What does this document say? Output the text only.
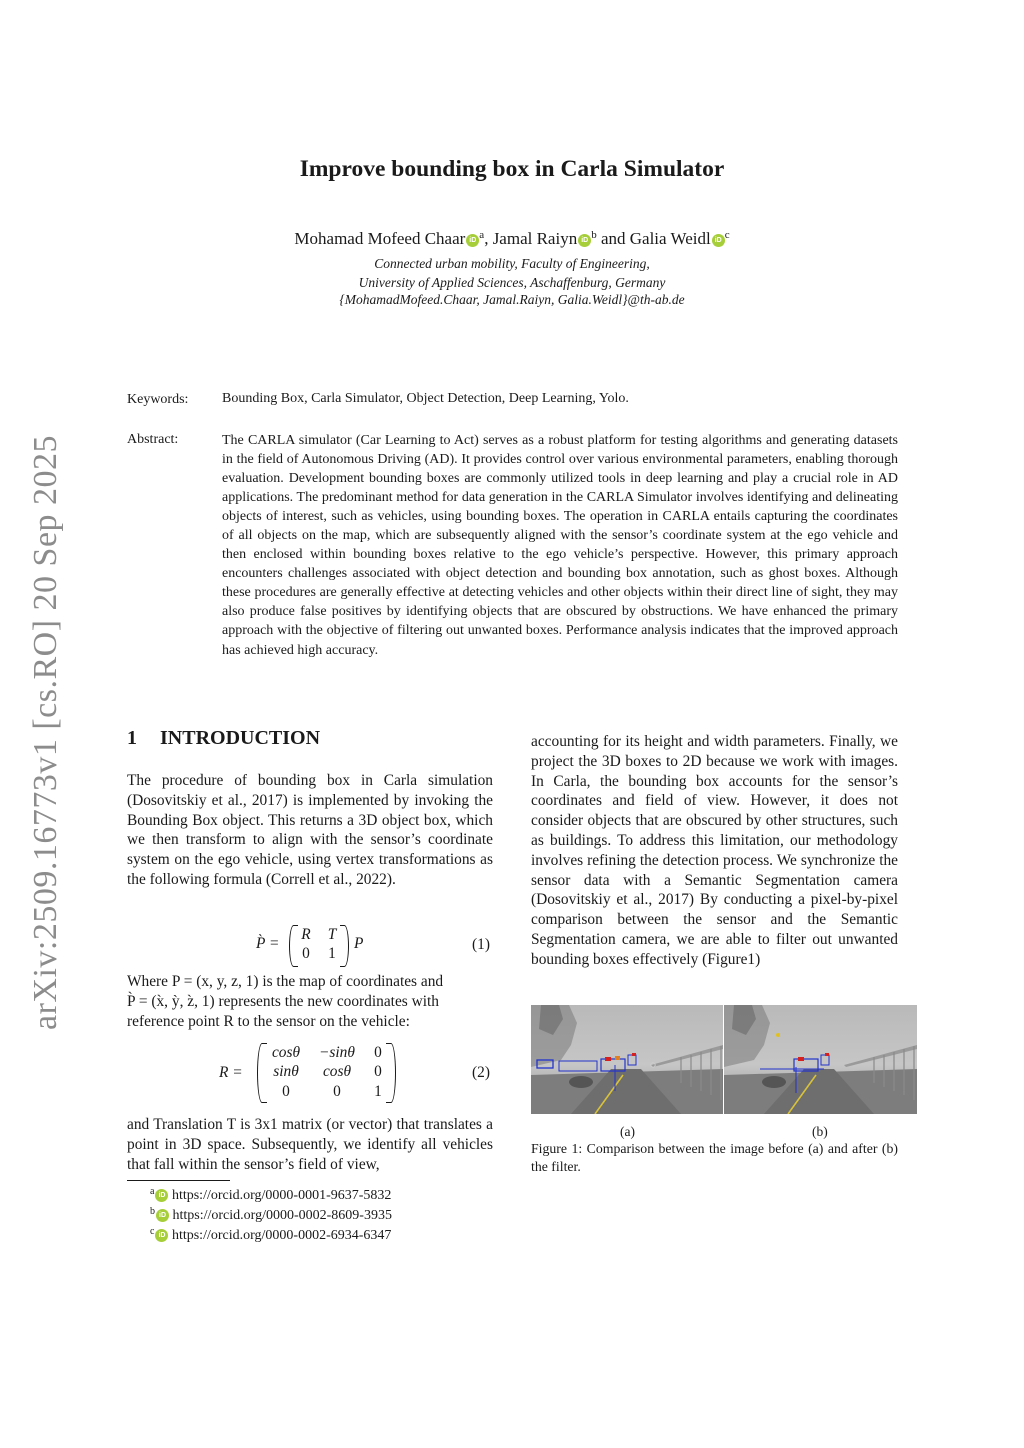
arXiv:2509.16773v1 [cs.RO] 20 Sep 2025
Improve bounding box in Carla Simulator
Mohamad Mofeed Chaar iD $^a$, Jamal Raiyn iD $^b$ and Galia Weidl iD $^c$
Connected urban mobility, Faculty of Engineering,
University of Applied Sciences, Aschaffenburg, Germany
{MohamadMofeed.Chaar, Jamal.Raiyn, Galia.Weidl}@th-ab.de
Keywords: Bounding Box, Carla Simulator, Object Detection, Deep Learning, Yolo.
Abstract:	The CARLA simulator (Car Learning to Act) serves as a robust platform for testing algorithms and generating datasets in the field of Autonomous Driving (AD). It provides control over various environmental parameters, enabling thorough evaluation. Development bounding boxes are commonly utilized tools in deep learning and play a crucial role in AD applications. The predominant method for data generation in the CARLA Simulator involves identifying and delineating objects of interest, such as vehicles, using bounding boxes. The operation in CARLA entails capturing the coordinates of all objects on the map, which are subsequently aligned with the sensor’s coordinate system at the ego vehicle and then enclosed within bounding boxes relative to the ego vehicle’s perspective. However, this primary approach encounters challenges associated with object detection and bounding box annotation, such as ghost boxes. Although these procedures are generally effective at detecting vehicles and other objects within their direct line of sight, they may also produce false positives by identifying objects that are obscured by obstructions. We have enhanced the primary approach with the objective of filtering out unwanted boxes. Performance analysis indicates that the improved approach has achieved high accuracy.
1 INTRODUCTION
The procedure of bounding box in Carla simulation (Dosovitskiy et al., 2017) is implemented by invoking the Bounding Box object. This returns a 3D object box, which we then transform to align with the sensor’s coordinate system on the ego vehicle, using vertex transformations as the following formula (Correll et al., 2022).
P̀ =
R T
0 1
P	(1)
Where P = (x, y, z, 1) is the map of coordinates and
P̀ = (x̀, ỳ, z̀, 1) represents the new coordinates with
reference point R to the sensor on the vehicle:
R =
cosθ	−sinθ	0
sinθ	cosθ	0
0	0	1
(2)
and Translation T is 3x1 matrix (or vector) that translates a point in 3D space. Subsequently, we identify all vehicles that fall within the sensor’s field of view,
$^a$ iD https://orcid.org/0000-0001-9637-5832
$^b$ iD https://orcid.org/0000-0002-8609-3935
$^c$ iD https://orcid.org/0000-0002-6934-6347
accounting for its height and width parameters. Finally, we project the 3D boxes to 2D because we work with images. In Carla, the bounding box accounts for the sensor’s coordinates and field of view. However, it does not consider objects that are obscured by other structures, such as buildings. To address this limitation, our methodology involves refining the detection process. We synchronize the sensor data with a Semantic Segmentation camera (Dosovitskiy et al., 2017) By conducting a pixel-by-pixel comparison between the sensor and the Semantic Segmentation camera, we are able to filter out unwanted bounding boxes effectively (Figure1)
(a)	(b)
Figure 1: Comparison between the image before (a) and after (b) the filter.
